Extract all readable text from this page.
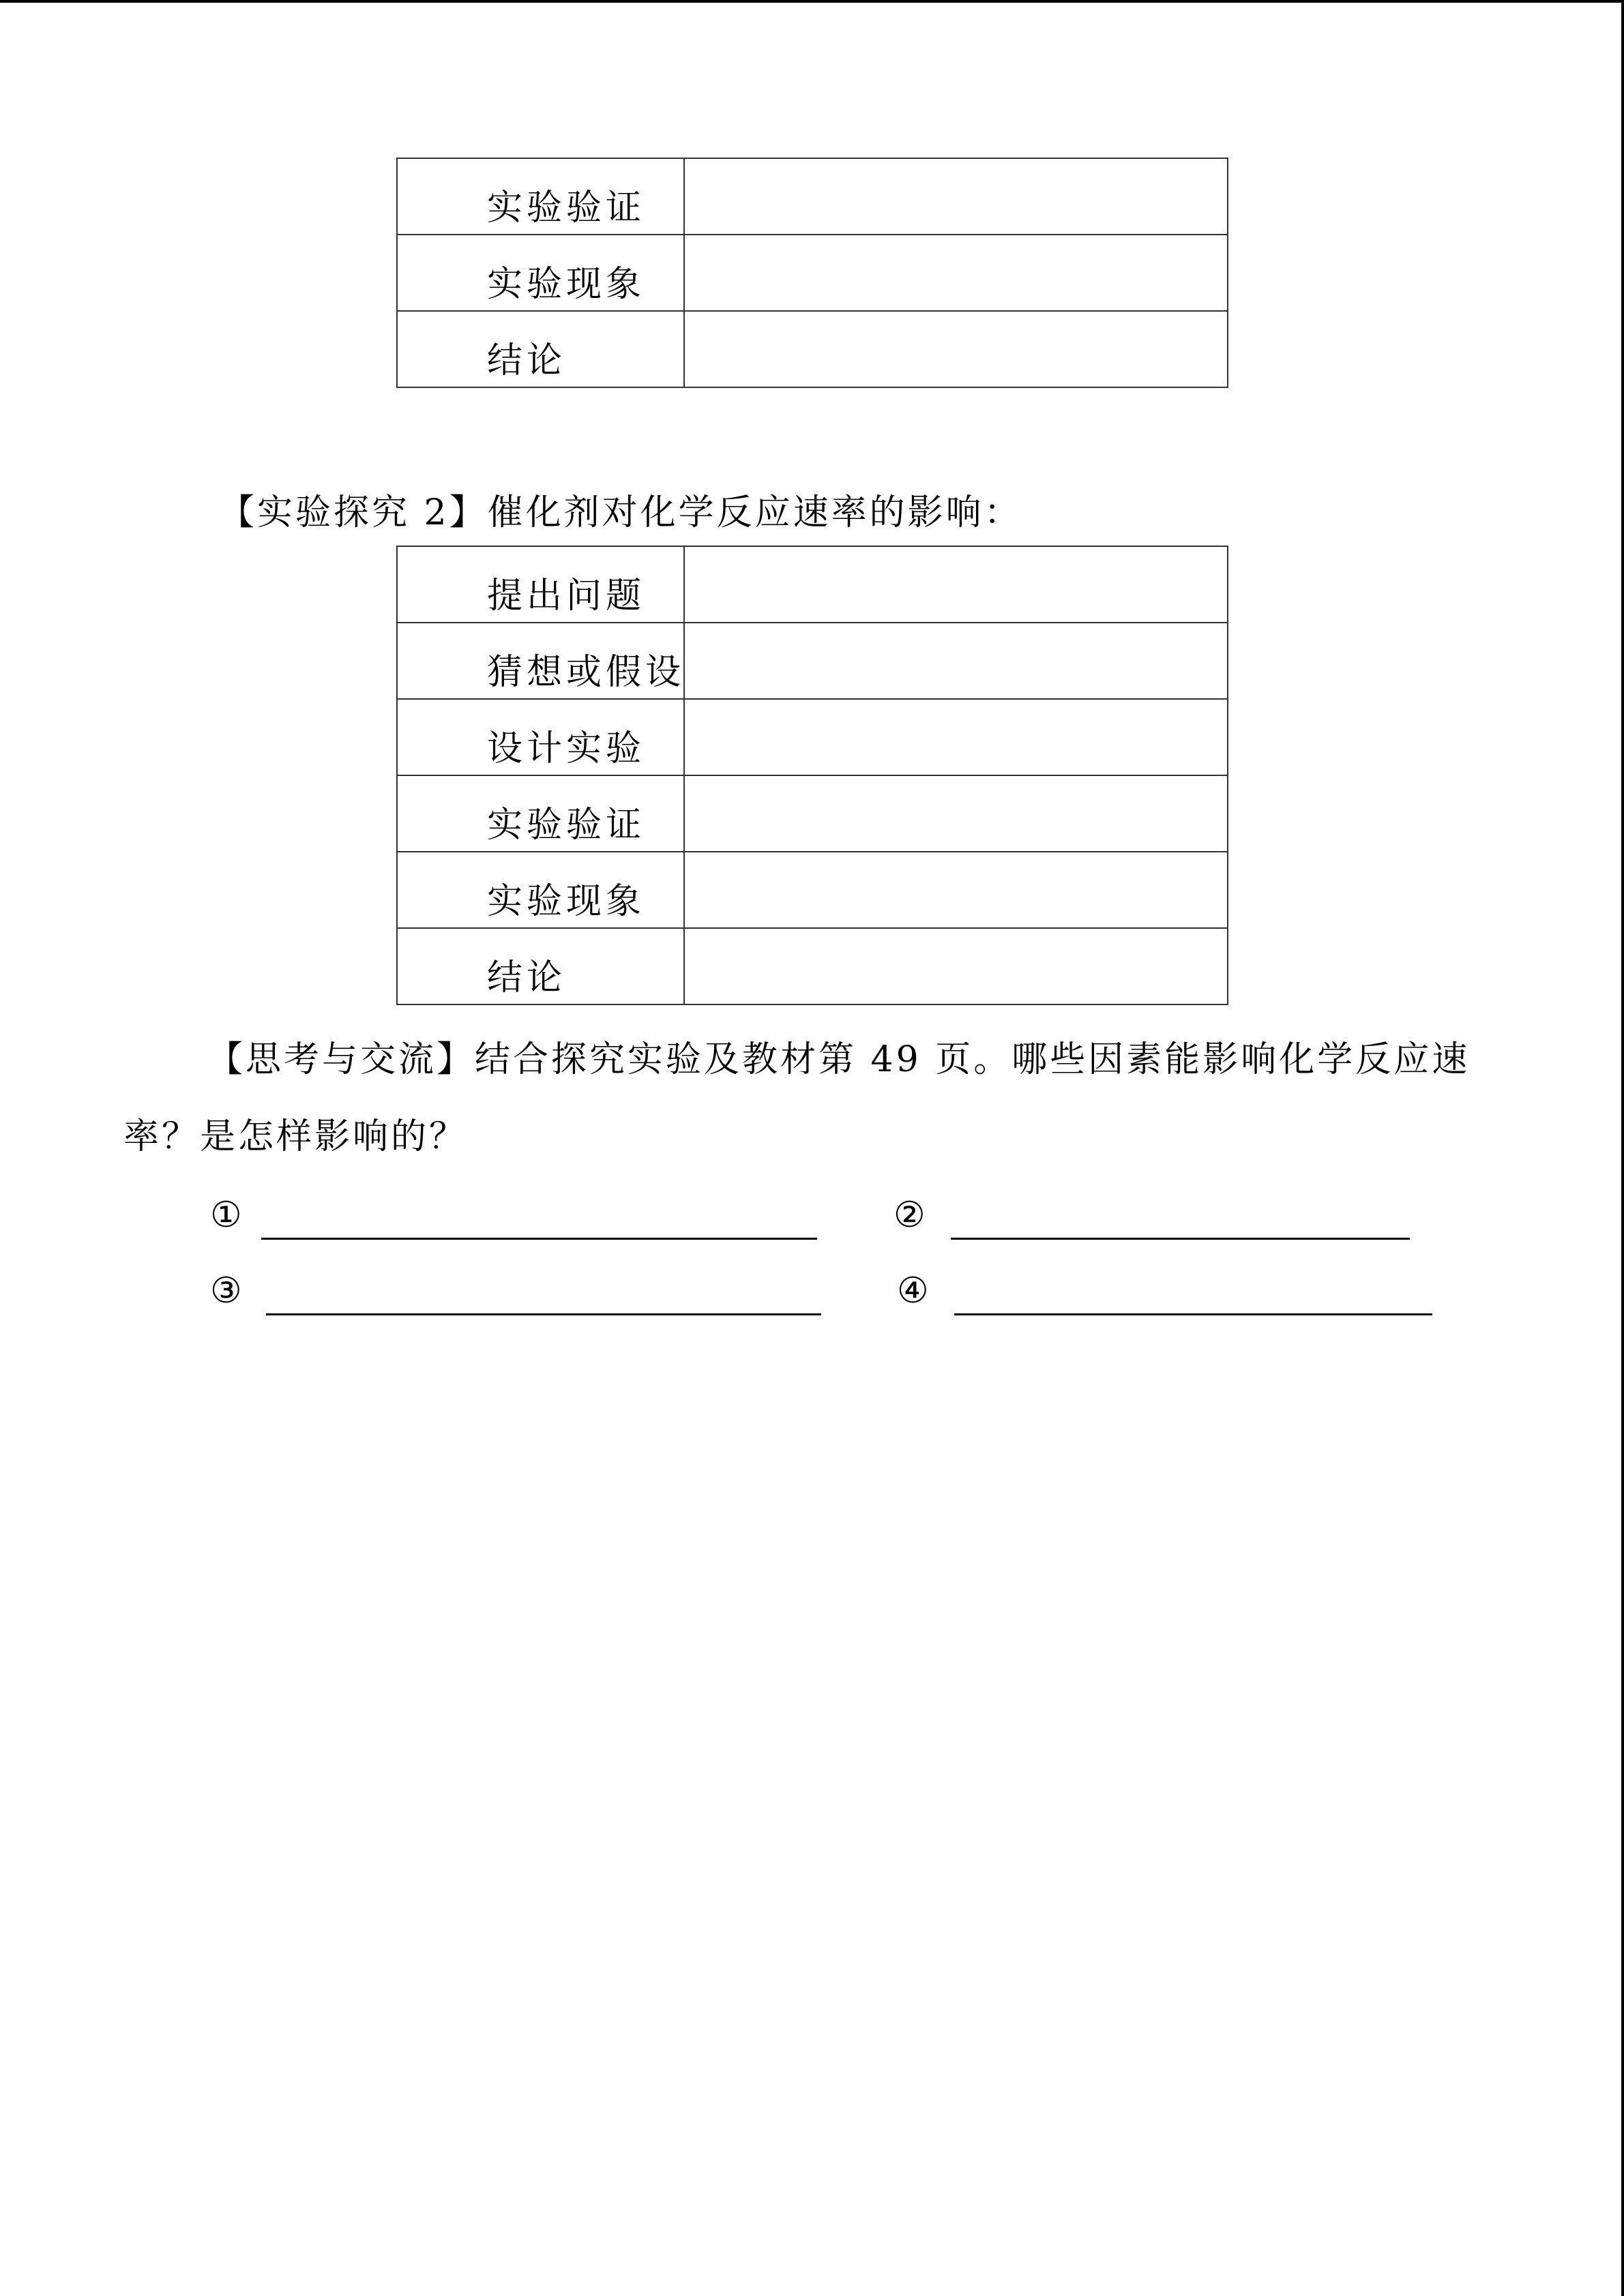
实验验证	
实验现象	
结论	
【实验探究 2】催化剂对化学反应速率的影响：
提出问题	
猜想或假设	
设计实验	
实验验证	
实验现象	
结论	
【思考与交流】结合探究实验及教材第 49 页。哪些因素能影响化学反应速
率？是怎样影响的？
①	②
③	④
